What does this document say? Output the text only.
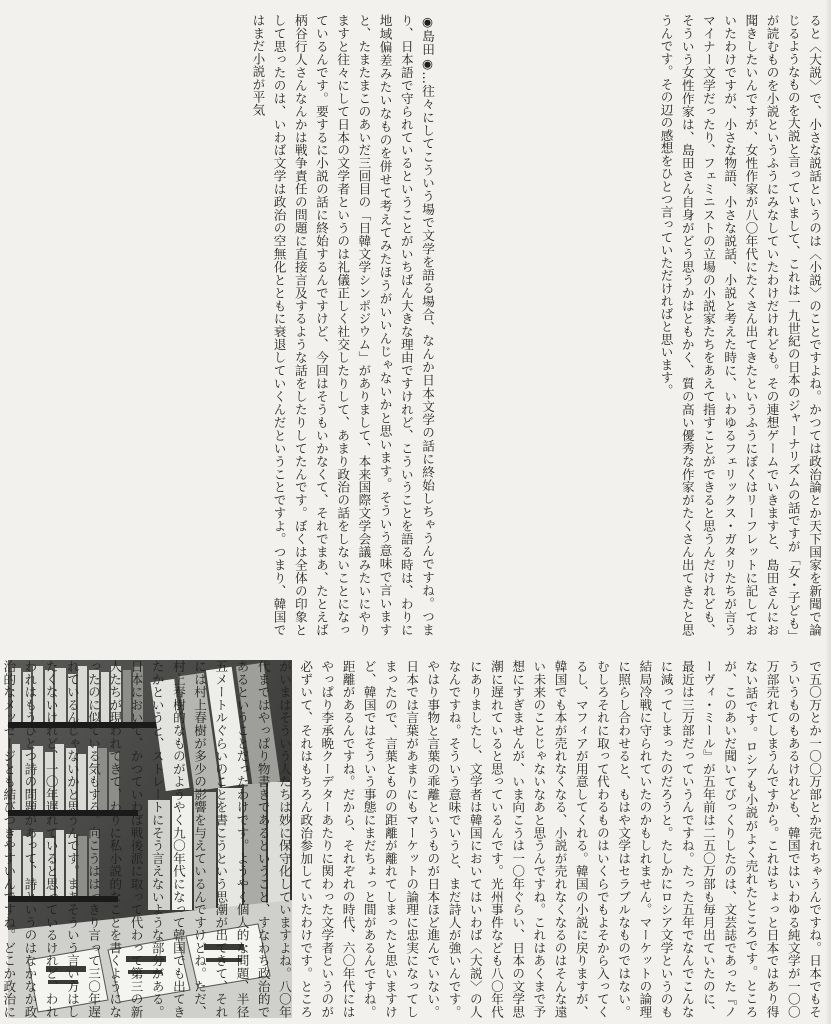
ると〈大説〉で、小さな説話というのは〈小説〉のことですよね。かつては政治論とか天下国家を新聞で論じるようなものを大説と言っていまして、これは一九世紀の日本のジャーナリズムの話ですが「女・子ども」が読むものを小説というふうにみなしていたわけだけれども。その連想ゲームでいきますと、島田さんにお聞きしたいんですが、女性作家が八〇年代にたくさん出てきたというふうにぼくはリーフレットに記しておいたわけですが、小さな物語、小さな説話、小説と考えた時に、いわゆるフェリックス・ガタリたちが言うマイナー文学だったり、フェミニストの立場の小説家たちをあえて指すことができると思うんだけれども、そういう女性作家は、島田さん自身がどう思うかはともかく、質の高い優秀な作家がたくさん出てきたと思うんです。その辺の感想をひとつ言っていただければと思います。
◉島田◉…往々にしてこういう場で文学を語る場合、なんか日本文学の話に終始しちゃうんですね。つまり、日本語で守られているということがいちばん大きな理由ですけれど、こういうことを語る時は、わりに地域偏差みたいなものを併せて考えてみたほうがいいんじゃないかと思います。そういう意味で言いますと、たまたまこのあいだ三回目の「日韓文学シンポジウム」がありまして、本来国際文学会議みたいにやりますと往々にして日本の文学者というのは礼儀正しく社交したりして、あまり政治の話をしないことになっているんです。要するに小説の話に終始するんですけど、今回はそうもいかなくて、それでまあ、たとえば柄谷行人さんなんかは戦争責任の問題に直接言及するような話をしたりしてたんです。ぼくは全体の印象として思ったのは、いわば文学は政治の空無化とともに衰退していくんだということですよ。つまり、韓国ではまだ小説が平気
で五〇万とか一〇〇万部とか売れちゃうんですね。日本でもそういうものもあるけれども、韓国ではいわゆる純文学が一〇〇万部売れてしまうんですから。これはちょっと日本ではあり得ない話です。ロシアも小説がよく売れたところです。ところが、このあいだ聞いてびっくりしたのは、文芸誌であった『ノーヴィ・ミール』が五年前は二五〇万部も毎月出ていたのに、最近は三万部だっていうんですね。たった五年でなんでこんなに減ってしまったのだろうと。たしかにロシア文学というのも結局冷戦に守られていたのかもしれません。マーケットの論理に照らし合わせると、もはや文学はセラブルなものではない。むしろそれに取って代わるものはいくらでもよそから入ってくるし、マフィアが用意してくれる。韓国の小説に戻りますが、韓国でも本が売れなくなる、小説が売れなくなるのはそんな遠い未来のことじゃないなあと思うんですね。これはあくまで予想にすぎませんが、いま向こうは一〇年ぐらい、日本の文学思潮に遅れていると思っているんです。光州事件なども八〇年代にありましたし、文学者は韓国においてはいわば〈大説〉の人なんですね。そういう意味でいうと、まだ詩人が強いんです。やはり事物と言葉の乖離というものが日本ほど進んでいない。日本では言葉があまりにもマーケットの論理に忠実になってしまったので、言葉とものの距離が離れてしまったと思いますけど、韓国ではそういう事態にまだちょっと間があるんですね。距離があるんですね。だから、それぞれの時代、六〇年代にはやっぱり李承晩クーデターあたりに関わった文学者というのが必ずいて、それはもちろん政治参加していたわけです。ところがいまはそういう人たちは妙に保守化していますよね。八〇年代まではやっぱり物書きであるということ、すなわち政治的であるということだったわけです。ようやく個人的な問題、半径五メートルぐらいのことを書こうという思潮が出てきて、それには村上春樹が多少の影響を与えているんですけどね。ただ、村上春樹的なものがようやく九〇年代になって韓国でも出てきたかというと、ストレートにそう言えないような部分がある。日本において、かつていわば戦後派に取って代わって第三の新人たちが現われてきて、わりに私小説的なことを書くようになったのに似ている気もする。向こうははっきり言って三〇年遅れているんじゃないかと思うんです。まあそういう言い方はしたくないけれど、一〇年遅れていると思っているけれど、われわれはもうひとつ詩の問題があって、詩というのはなかなか政治的なメッセージとも結びつきやすいんですね。どこか政治に
